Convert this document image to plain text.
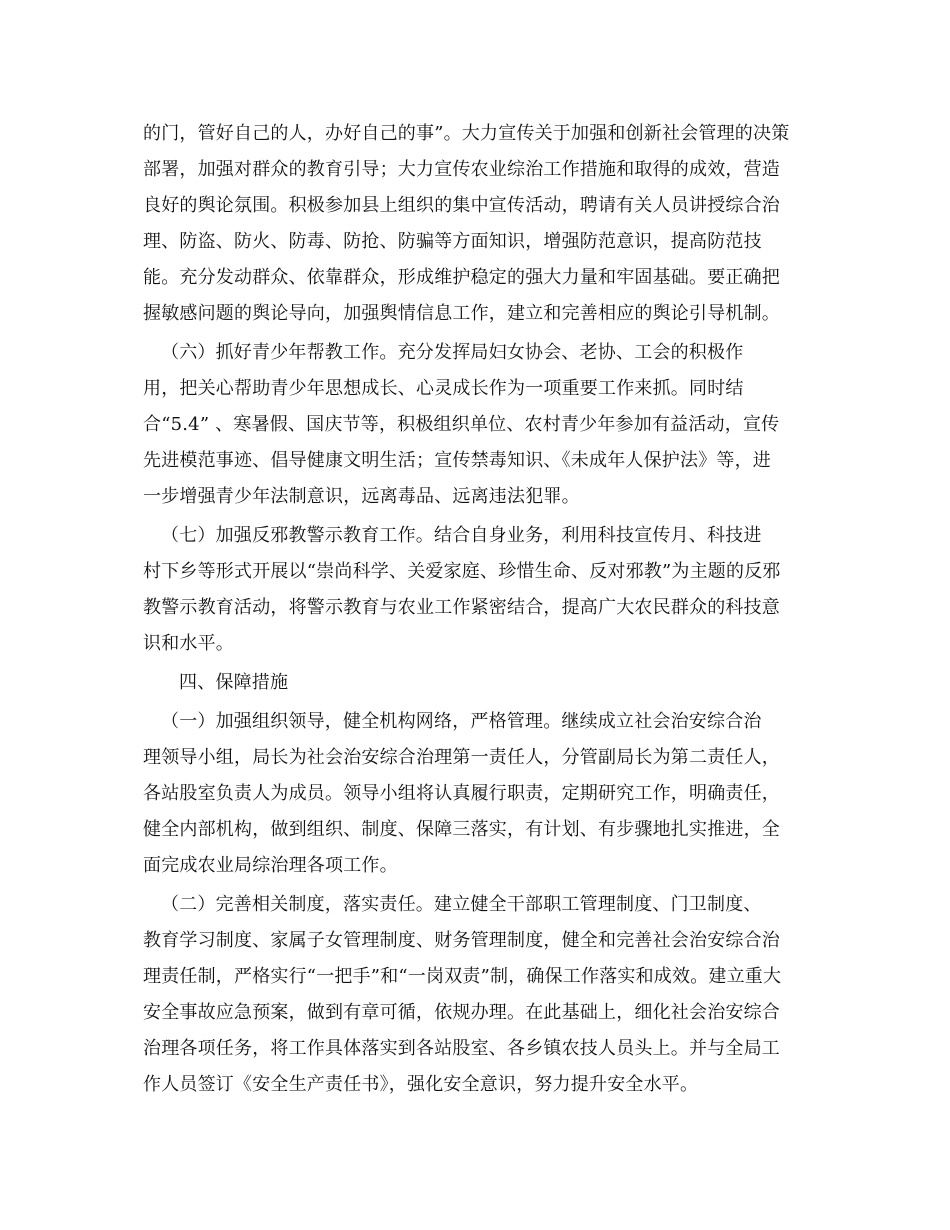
的门，管好自己的人，办好自己的事”。大力宣传关于加强和创新社会管理的决策
部署，加强对群众的教育引导；大力宣传农业综治工作措施和取得的成效，营造
良好的舆论氛围。积极参加县上组织的集中宣传活动，聘请有关人员讲授综合治
理、防盗、防火、防毒、防抢、防骗等方面知识，增强防范意识，提高防范技
能。充分发动群众、依靠群众，形成维护稳定的强大力量和牢固基础。要正确把
握敏感问题的舆论导向，加强舆情信息工作，建立和完善相应的舆论引导机制。
（六）抓好青少年帮教工作。充分发挥局妇女协会、老协、工会的积极作
用，把关心帮助青少年思想成长、心灵成长作为一项重要工作来抓。同时结
合“5.4” 、寒暑假、国庆节等，积极组织单位、农村青少年参加有益活动，宣传
先进模范事迹、倡导健康文明生活；宣传禁毒知识、《未成年人保护法》等，进
一步增强青少年法制意识，远离毒品、远离违法犯罪。
（七）加强反邪教警示教育工作。结合自身业务，利用科技宣传月、科技进
村下乡等形式开展以“崇尚科学、关爱家庭、珍惜生命、反对邪教”为主题的反邪
教警示教育活动，将警示教育与农业工作紧密结合，提高广大农民群众的科技意
识和水平。
四、保障措施
（一）加强组织领导，健全机构网络，严格管理。继续成立社会治安综合治
理领导小组，局长为社会治安综合治理第一责任人，分管副局长为第二责任人，
各站股室负责人为成员。领导小组将认真履行职责，定期研究工作，明确责任，
健全内部机构，做到组织、制度、保障三落实，有计划、有步骤地扎实推进，全
面完成农业局综治理各项工作。
（二）完善相关制度，落实责任。建立健全干部职工管理制度、门卫制度、
教育学习制度、家属子女管理制度、财务管理制度，健全和完善社会治安综合治
理责任制，严格实行“一把手”和“一岗双责”制，确保工作落实和成效。建立重大
安全事故应急预案，做到有章可循，依规办理。在此基础上，细化社会治安综合
治理各项任务，将工作具体落实到各站股室、各乡镇农技人员头上。并与全局工
作人员签订《安全生产责任书》，强化安全意识，努力提升安全水平。
